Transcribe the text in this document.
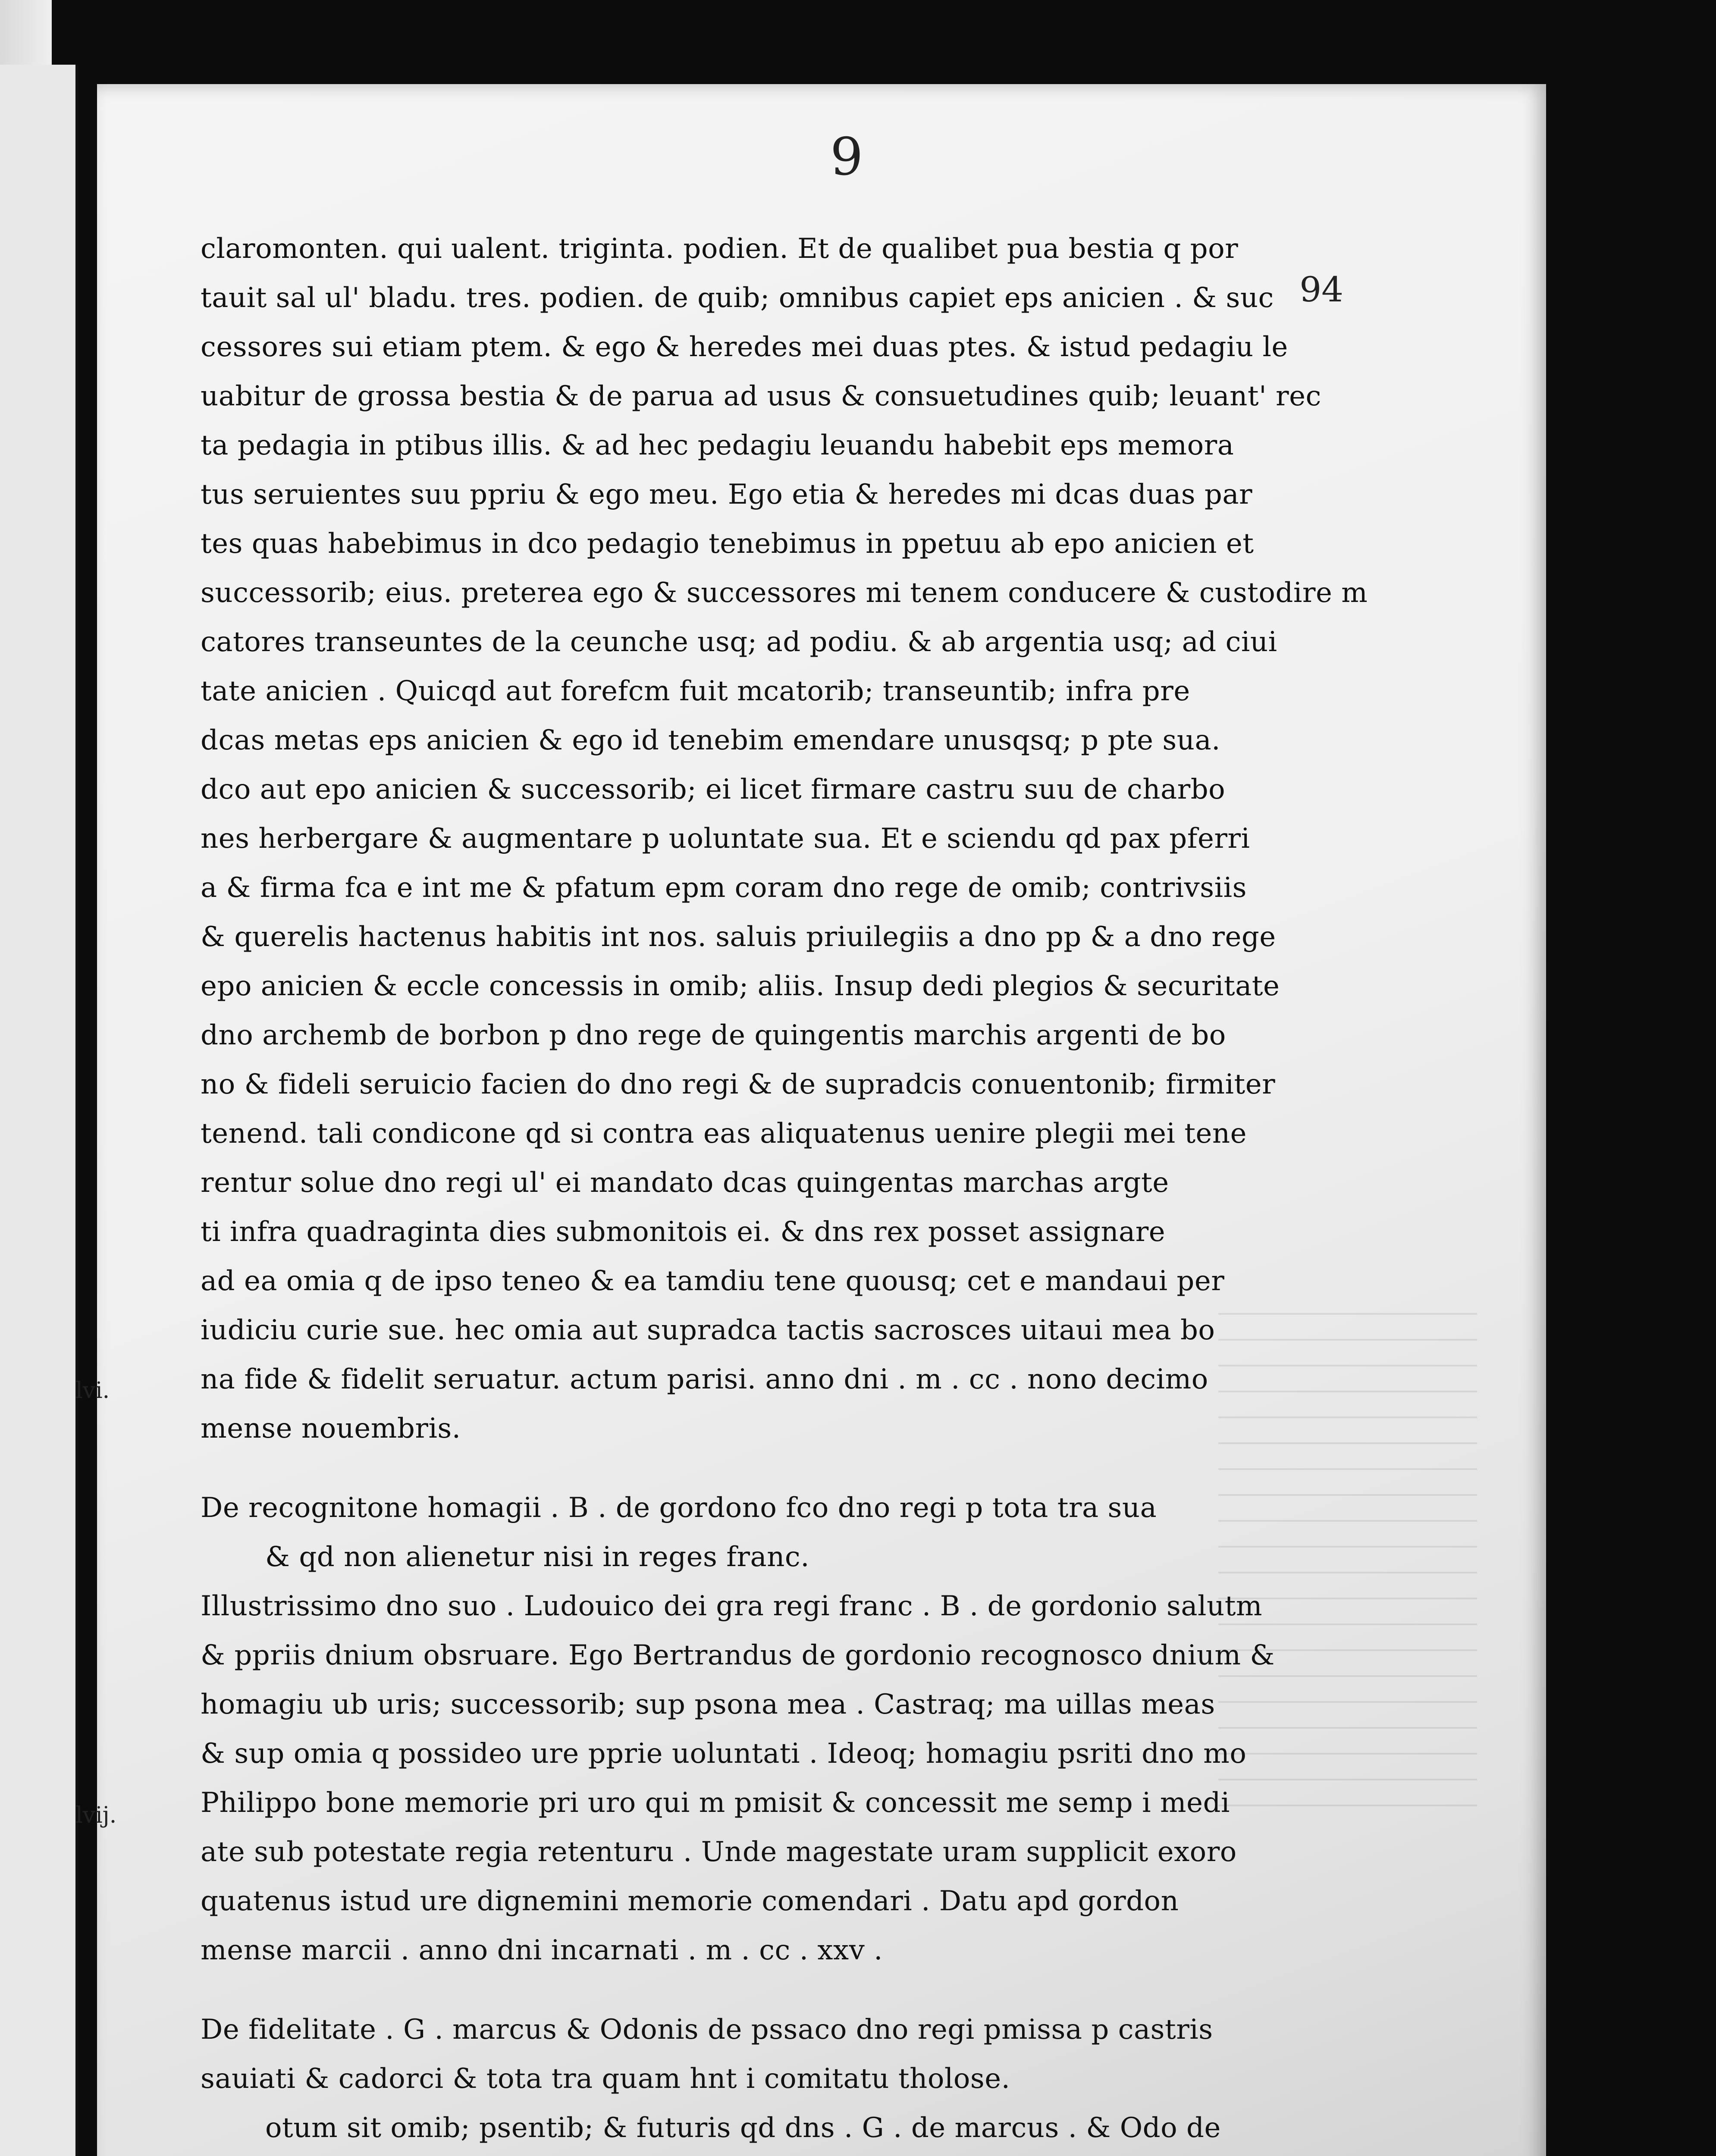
9
94
lvi.
lvij.
claromonten. qui ualent. triginta. podien. Et de qualibet pua bestia q por
tauit sal ul' bladu. tres. podien. de quib; omnibus capiet eps anicien . & suc
cessores sui etiam ptem. & ego & heredes mei duas ptes. & istud pedagiu le
uabitur de grossa bestia & de parua ad usus & consuetudines quib; leuant' rec
ta pedagia in ptibus illis. & ad hec pedagiu leuandu habebit eps memora
tus seruientes suu ppriu & ego meu. Ego etia & heredes mi dcas duas par
tes quas habebimus in dco pedagio tenebimus in ppetuu ab epo anicien et
successorib; eius. preterea ego & successores mi tenem conducere & custodire m
catores transeuntes de la ceunche usq; ad podiu. & ab argentia usq; ad ciui
tate anicien . Quicqd aut forefcm fuit mcatorib; transeuntib; infra pre
dcas metas eps anicien & ego id tenebim emendare unusqsq; p pte sua.
dco aut epo anicien & successorib; ei licet firmare castru suu de charbo
nes herbergare & augmentare p uoluntate sua. Et e sciendu qd pax pferri
a & firma fca e int me & pfatum epm coram dno rege de omib; contrivsiis
& querelis hactenus habitis int nos. saluis priuilegiis a dno pp & a dno rege
epo anicien & eccle concessis in omib; aliis. Insup dedi plegios & securitate
dno archemb de borbon p dno rege de quingentis marchis argenti de bo
no & fideli seruicio facien do dno regi & de supradcis conuentonib; firmiter
tenend. tali condicone qd si contra eas aliquatenus uenire plegii mei tene
rentur solue dno regi ul' ei mandato dcas quingentas marchas argte
ti infra quadraginta dies submonitois ei. & dns rex posset assignare
ad ea omia q de ipso teneo & ea tamdiu tene quousq; cet e mandaui per
iudiciu curie sue. hec omia aut supradca tactis sacrosces uitaui mea bo
na fide & fidelit seruatur. actum parisi. anno dni . m . cc . nono decimo
mense nouembris.
De recognitone homagii . B . de gordono fco dno regi p tota tra sua
& qd non alienetur nisi in reges franc.
Illustrissimo dno suo . Ludouico dei gra regi franc . B . de gordonio salutm
& ppriis dnium obsruare. Ego Bertrandus de gordonio recognosco dnium &
homagiu ub uris; successorib; sup psona mea . Castraq; ma uillas meas
& sup omia q possideo ure pprie uoluntati . Ideoq; homagiu psriti dno mo
Philippo bone memorie pri uro qui m pmisit & concessit me semp i medi
ate sub potestate regia retenturu . Unde magestate uram supplicit exoro
quatenus istud ure dignemini memorie comendari . Datu apd gordon
mense marcii . anno dni incarnati . m . cc . xxv .
De fidelitate . G . marcus & Odonis de pssaco dno regi pmissa p castris
sauiati & cadorci & tota tra quam hnt i comitatu tholose.
otum sit omib; psentib; & futuris qd dns . G . de marcus . & Odo de
